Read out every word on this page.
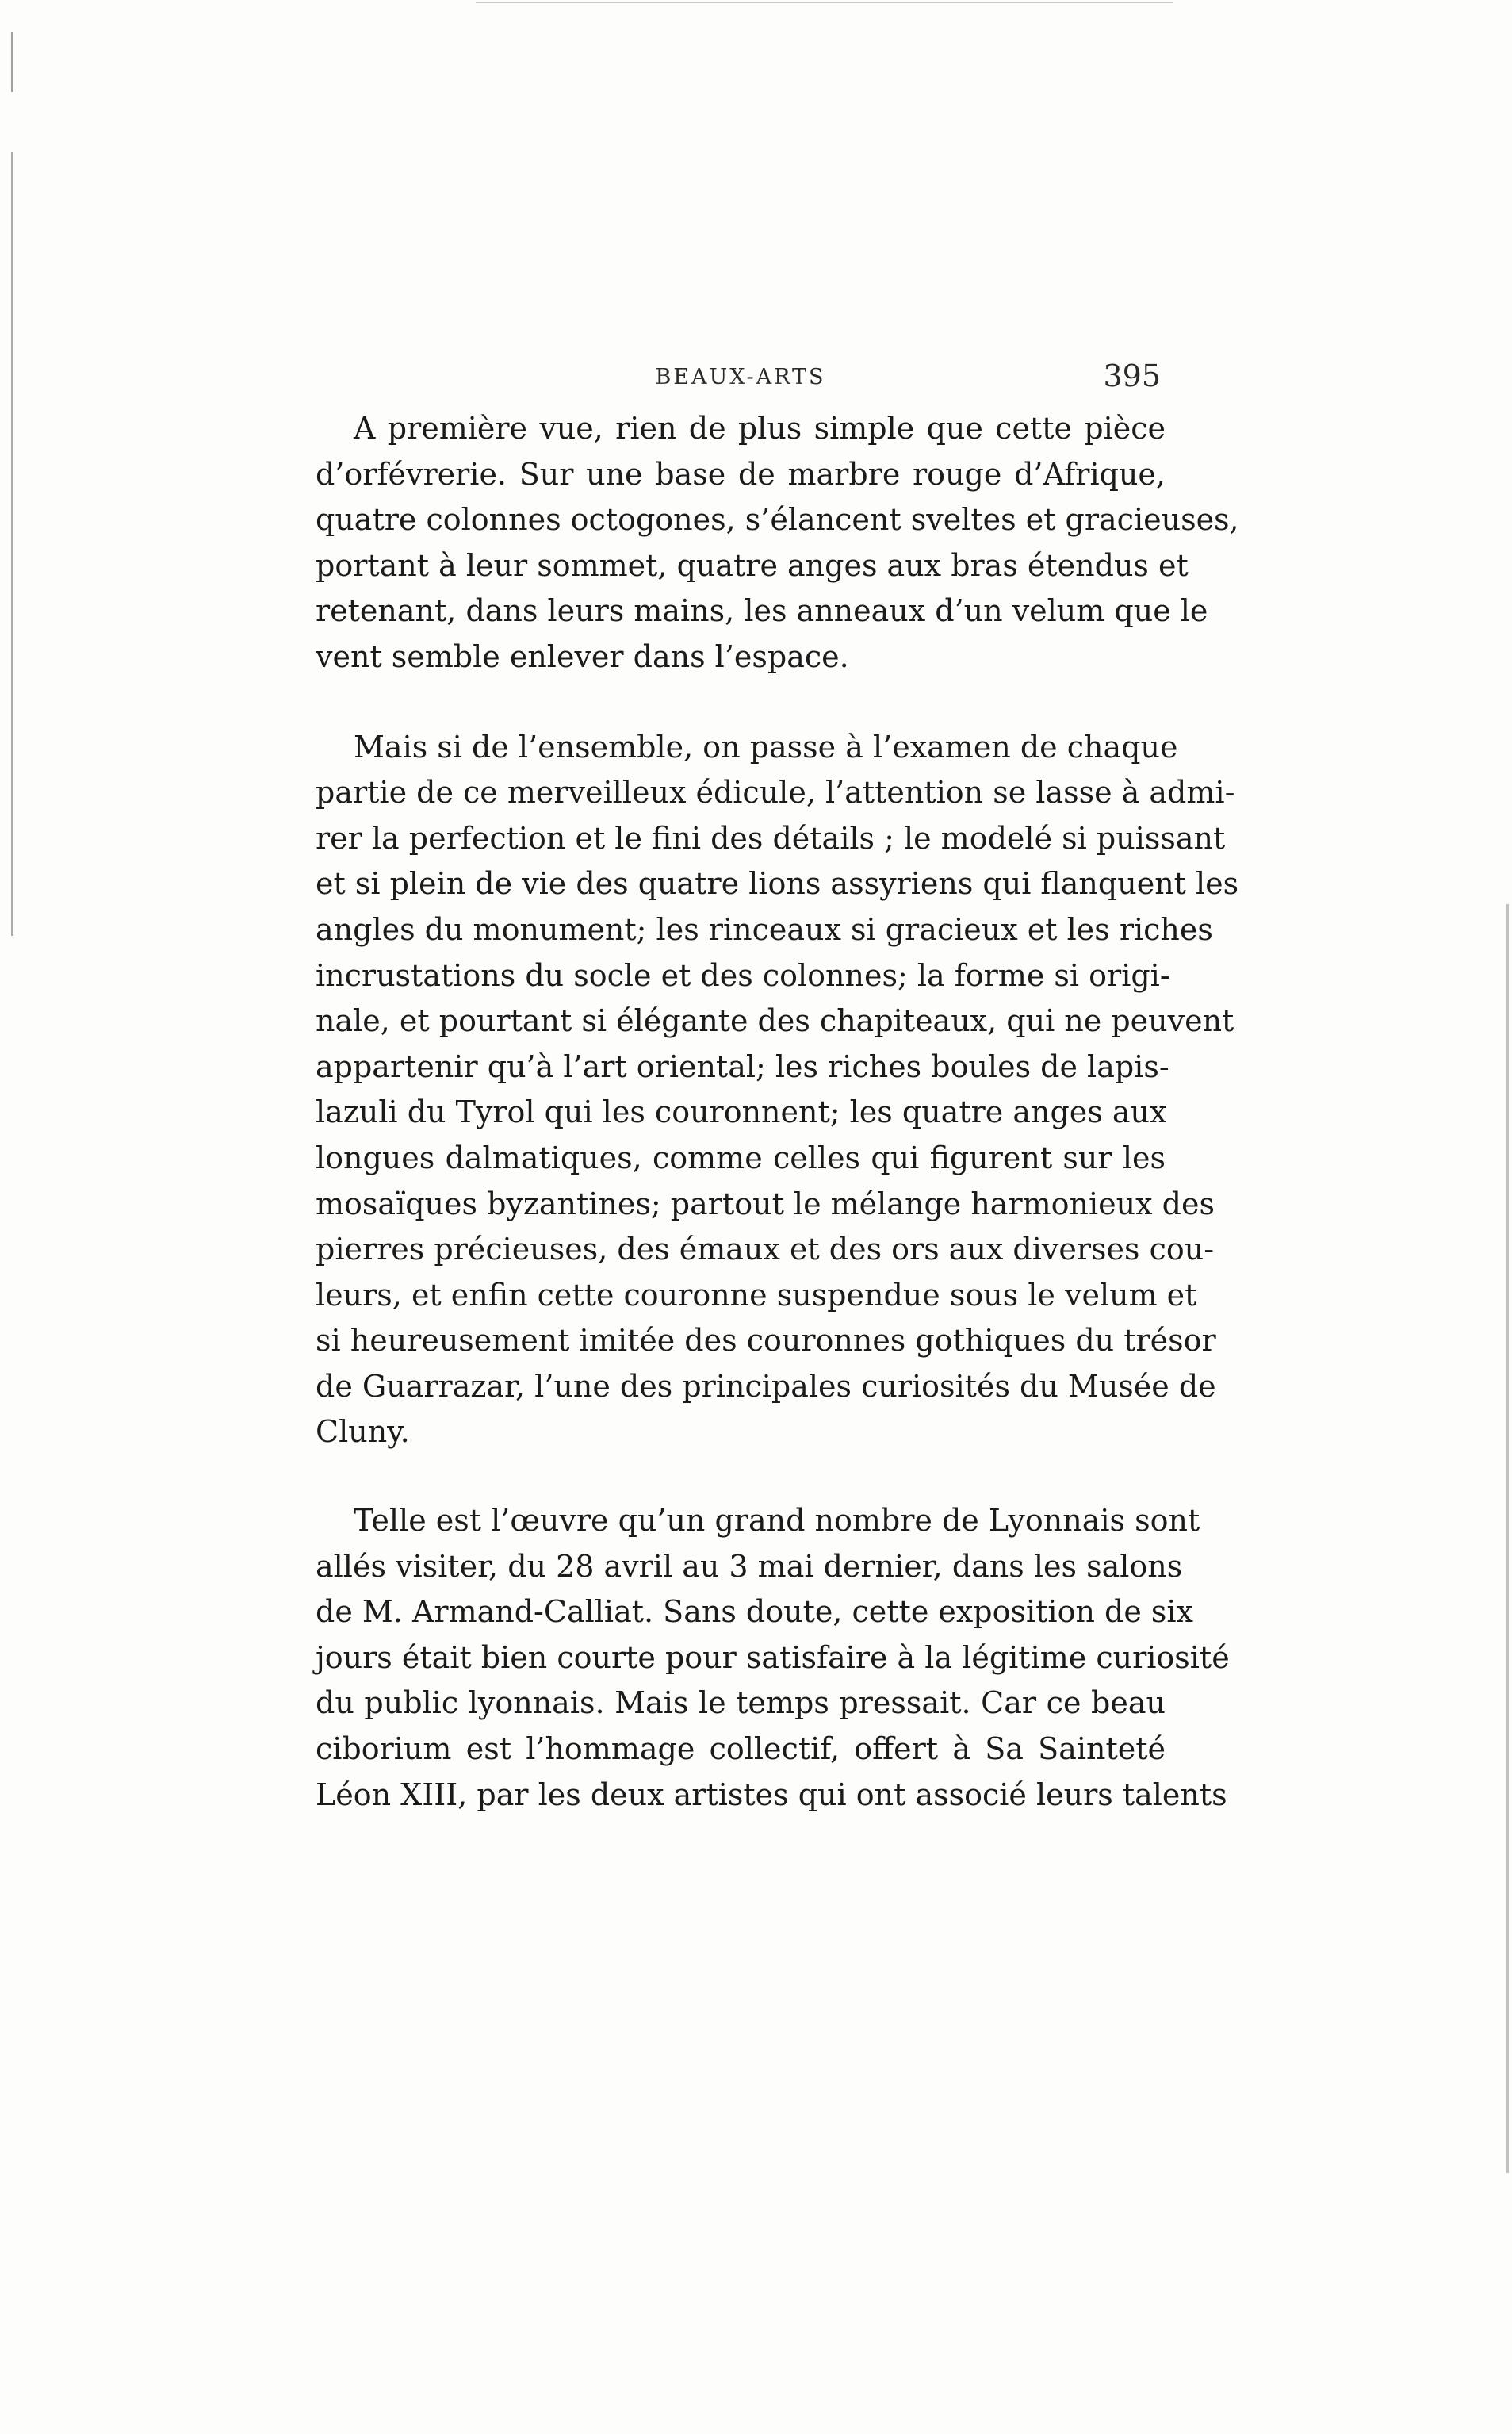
BEAUX-ARTS	395

A première vue, rien de plus simple que cette pièce
d’orfévrerie. Sur une base de marbre rouge d’Afrique,
quatre colonnes octogones, s’élancent sveltes et gracieuses,
portant à leur sommet, quatre anges aux bras étendus et
retenant, dans leurs mains, les anneaux d’un velum que le
vent semble enlever dans l’espace.

Mais si de l’ensemble, on passe à l’examen de chaque
partie de ce merveilleux édicule, l’attention se lasse à admi-
rer la perfection et le fini des détails ; le modelé si puissant
et si plein de vie des quatre lions assyriens qui flanquent les
angles du monument; les rinceaux si gracieux et les riches
incrustations du socle et des colonnes; la forme si origi-
nale, et pourtant si élégante des chapiteaux, qui ne peuvent
appartenir qu’à l’art oriental; les riches boules de lapis-
lazuli du Tyrol qui les couronnent; les quatre anges aux
longues dalmatiques, comme celles qui figurent sur les
mosaïques byzantines; partout le mélange harmonieux des
pierres précieuses, des émaux et des ors aux diverses cou-
leurs, et enfin cette couronne suspendue sous le velum et
si heureusement imitée des couronnes gothiques du trésor
de Guarrazar, l’une des principales curiosités du Musée de
Cluny.

Telle est l’œuvre qu’un grand nombre de Lyonnais sont
allés visiter, du 28 avril au 3 mai dernier, dans les salons
de M. Armand-Calliat. Sans doute, cette exposition de six
jours était bien courte pour satisfaire à la légitime curiosité
du public lyonnais. Mais le temps pressait. Car ce beau
ciborium est l’hommage collectif, offert à Sa Sainteté
Léon XIII, par les deux artistes qui ont associé leurs talents
